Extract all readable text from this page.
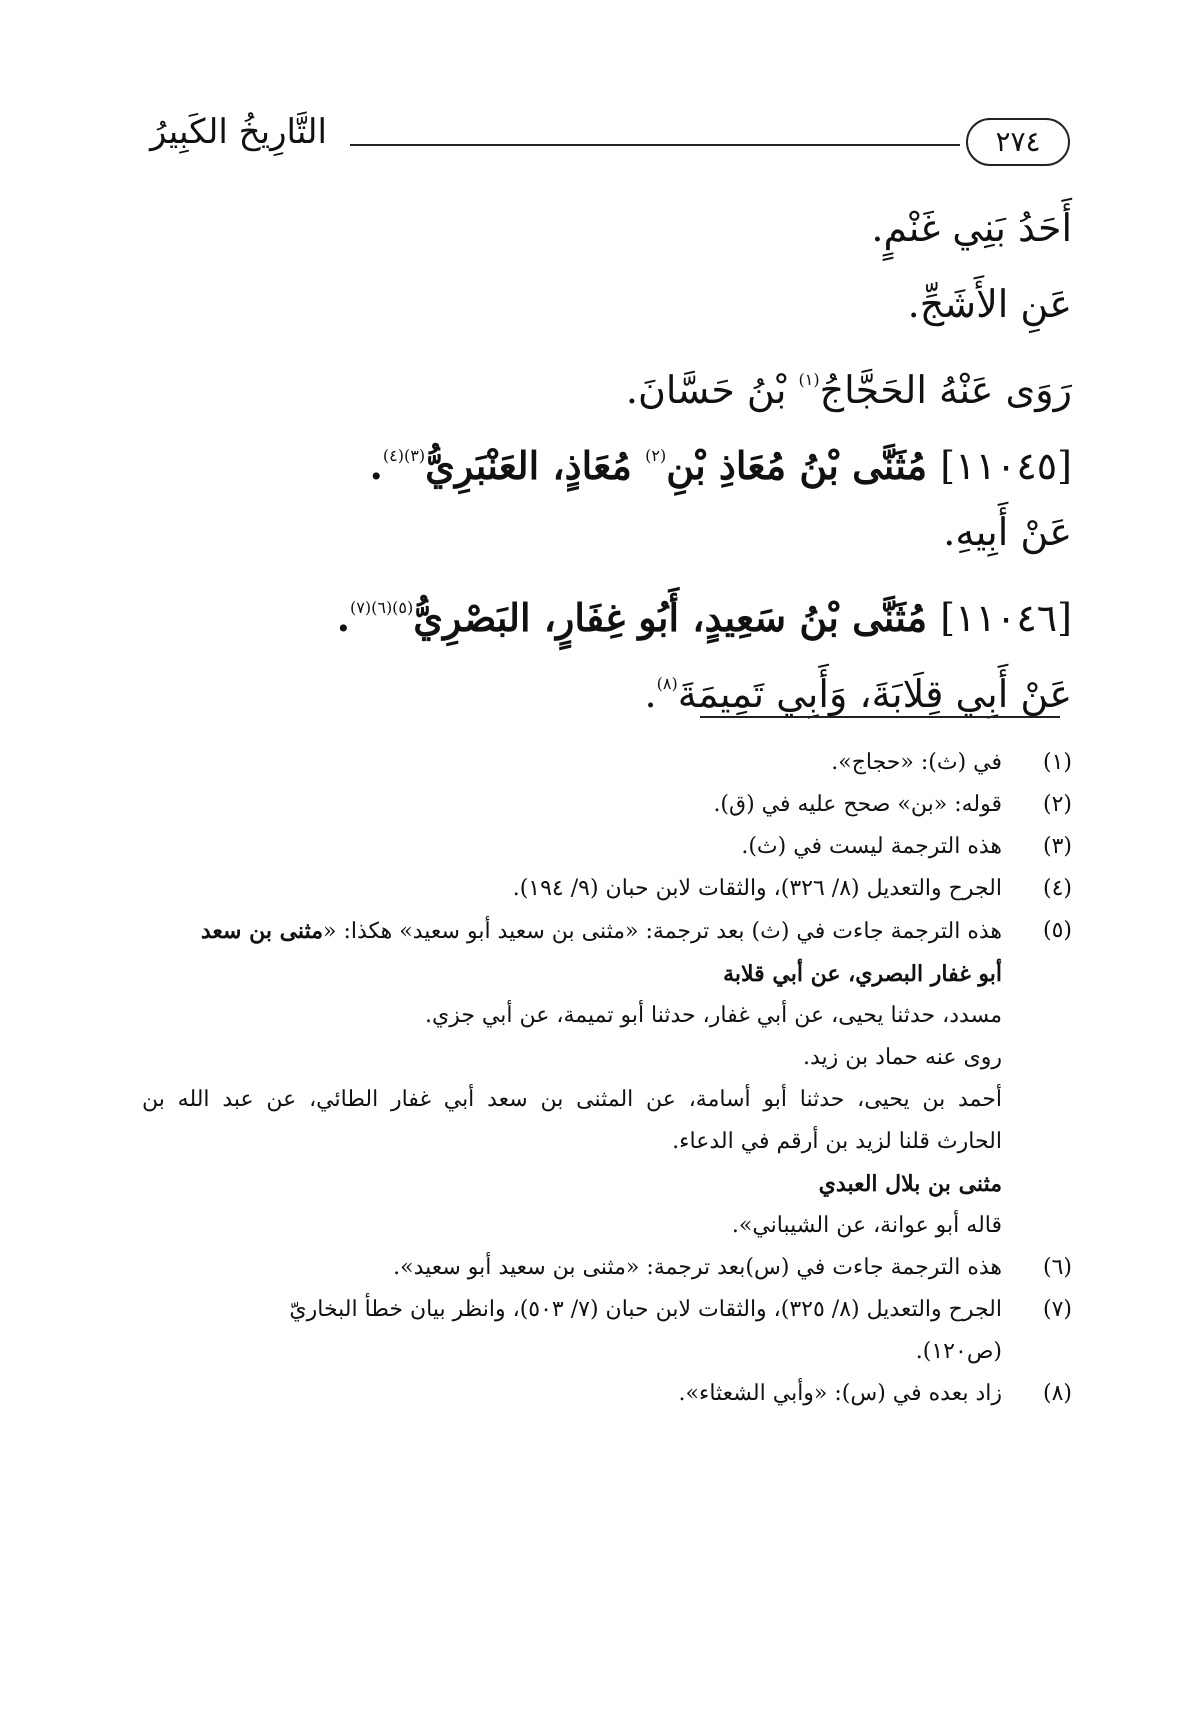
التَّارِيخُ الكَبِيرُ	٢٧٤
أَحَدُ بَنِي غَنْمٍ.
عَنِ الأَشَجِّ.
رَوَى عَنْهُ الحَجَّاجُ$^{(١)}$ بْنُ حَسَّانَ.
[١١٠٤٥] مُثَنَّى بْنُ مُعَاذِ بْنِ$^{(٢)}$ مُعَاذٍ، العَنْبَرِيُّ$^{(٣)(٤)}$.
عَنْ أَبِيهِ.
[١١٠٤٦] مُثَنَّى بْنُ سَعِيدٍ، أَبُو غِفَارٍ، البَصْرِيُّ$^{(٥)(٦)(٧)}$.
عَنْ أَبِي قِلَابَةَ، وَأَبِي تَمِيمَةَ$^{(٨)}$.
(١)
في (ث): «حجاج».
(٢)
قوله: «بن» صحح عليه في (ق).
(٣)
هذه الترجمة ليست في (ث).
(٤)
الجرح والتعديل (٨/ ٣٢٦)، والثقات لابن حبان (٩/ ١٩٤).
(٥)
هذه الترجمة جاءت في (ث) بعد ترجمة: «مثنى بن سعيد أبو سعيد» هكذا: «مثنى بن سعد
أبو غفار البصري، عن أبي قلابة
مسدد، حدثنا يحيى، عن أبي غفار، حدثنا أبو تميمة، عن أبي جزي.
روى عنه حماد بن زيد.
أحمد بن يحيى، حدثنا أبو أسامة، عن المثنى بن سعد أبي غفار الطائي، عن عبد الله بن
الحارث قلنا لزيد بن أرقم في الدعاء.
مثنى بن بلال العبدي
قاله أبو عوانة، عن الشيباني».
(٦)
هذه الترجمة جاءت في (س)بعد ترجمة: «مثنى بن سعيد أبو سعيد».
(٧)
الجرح والتعديل (٨/ ٣٢٥)، والثقات لابن حبان (٧/ ٥٠٣)، وانظر بيان خطأ البخاريّ
(ص١٢٠).
(٨)
زاد بعده في (س): «وأبي الشعثاء».
